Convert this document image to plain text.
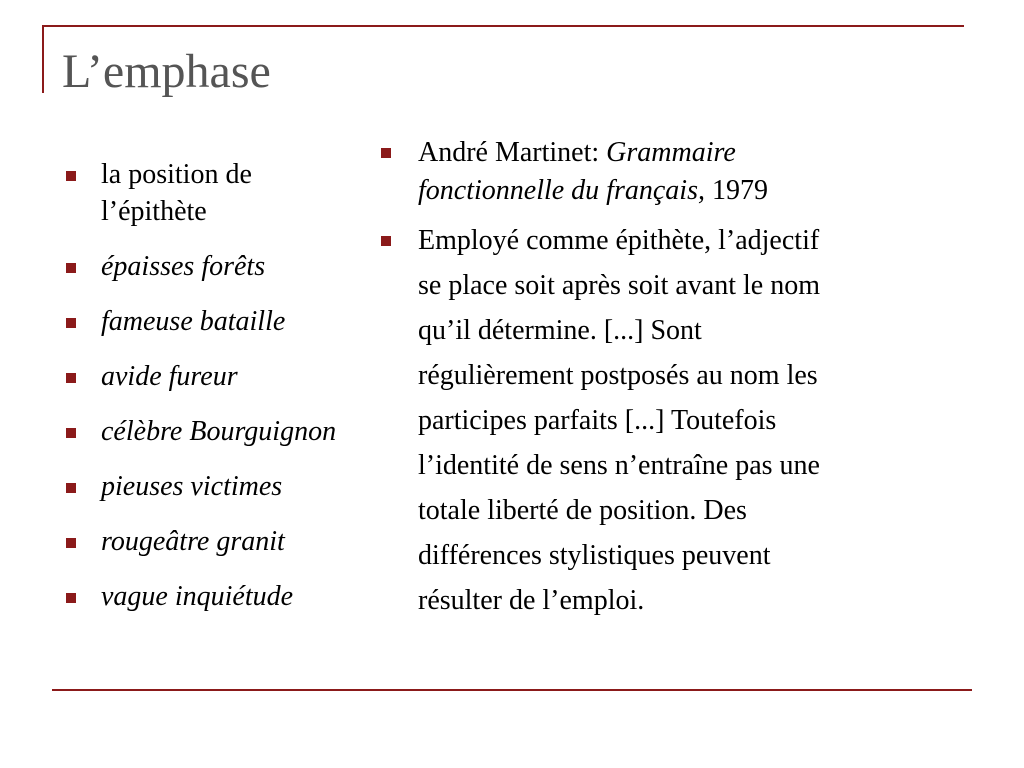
L’emphase
la position de
l’épithète
épaisses forêts
fameuse bataille
avide fureur
célèbre Bourguignon
pieuses victimes
rougeâtre granit
vague inquiétude
André Martinet: Grammaire
fonctionnelle du français, 1979
Employé comme épithète, l’adjectif
se place soit après soit avant le nom
qu’il détermine. [...] Sont
régulièrement postposés au nom les
participes parfaits [...] Toutefois
l’identité de sens n’entraîne pas une
totale liberté de position. Des
différences stylistiques peuvent
résulter de l’emploi.
